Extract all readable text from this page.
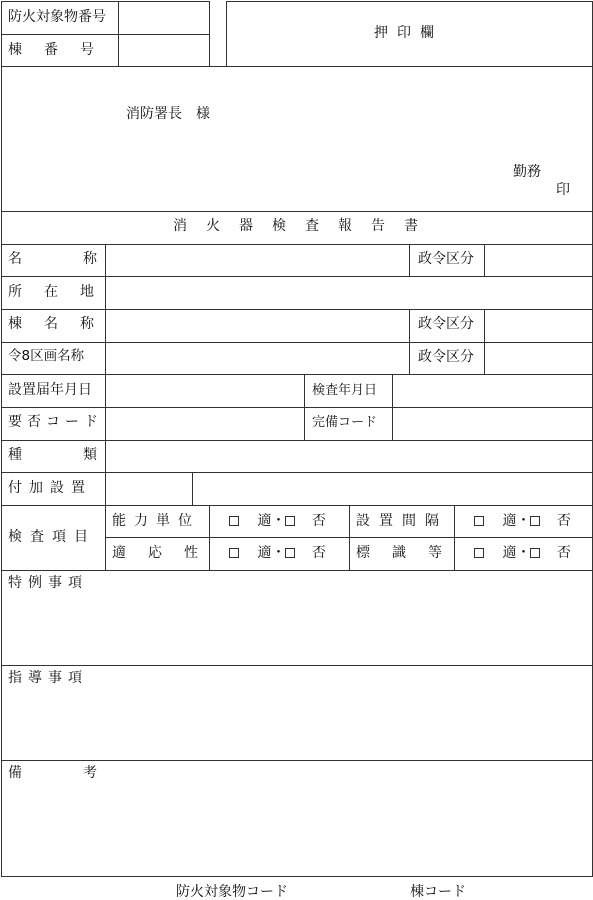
防火対象物番号
棟番号
押印欄
消防署長　様
勤務
印
消火器検査報告書
名称	政令区分
所在地
棟名称	政令区分
令8区画名称	政令区分
設置届年月日	検査年月日
要否コード	完備コード
種類
付加設置
検査項目
能力単位	適・ 否 設置間隔	適・ 否
適応性	適・ 否 標識等	適・ 否
特例事項
指導事項
備考
防火対象物コード	棟コード
